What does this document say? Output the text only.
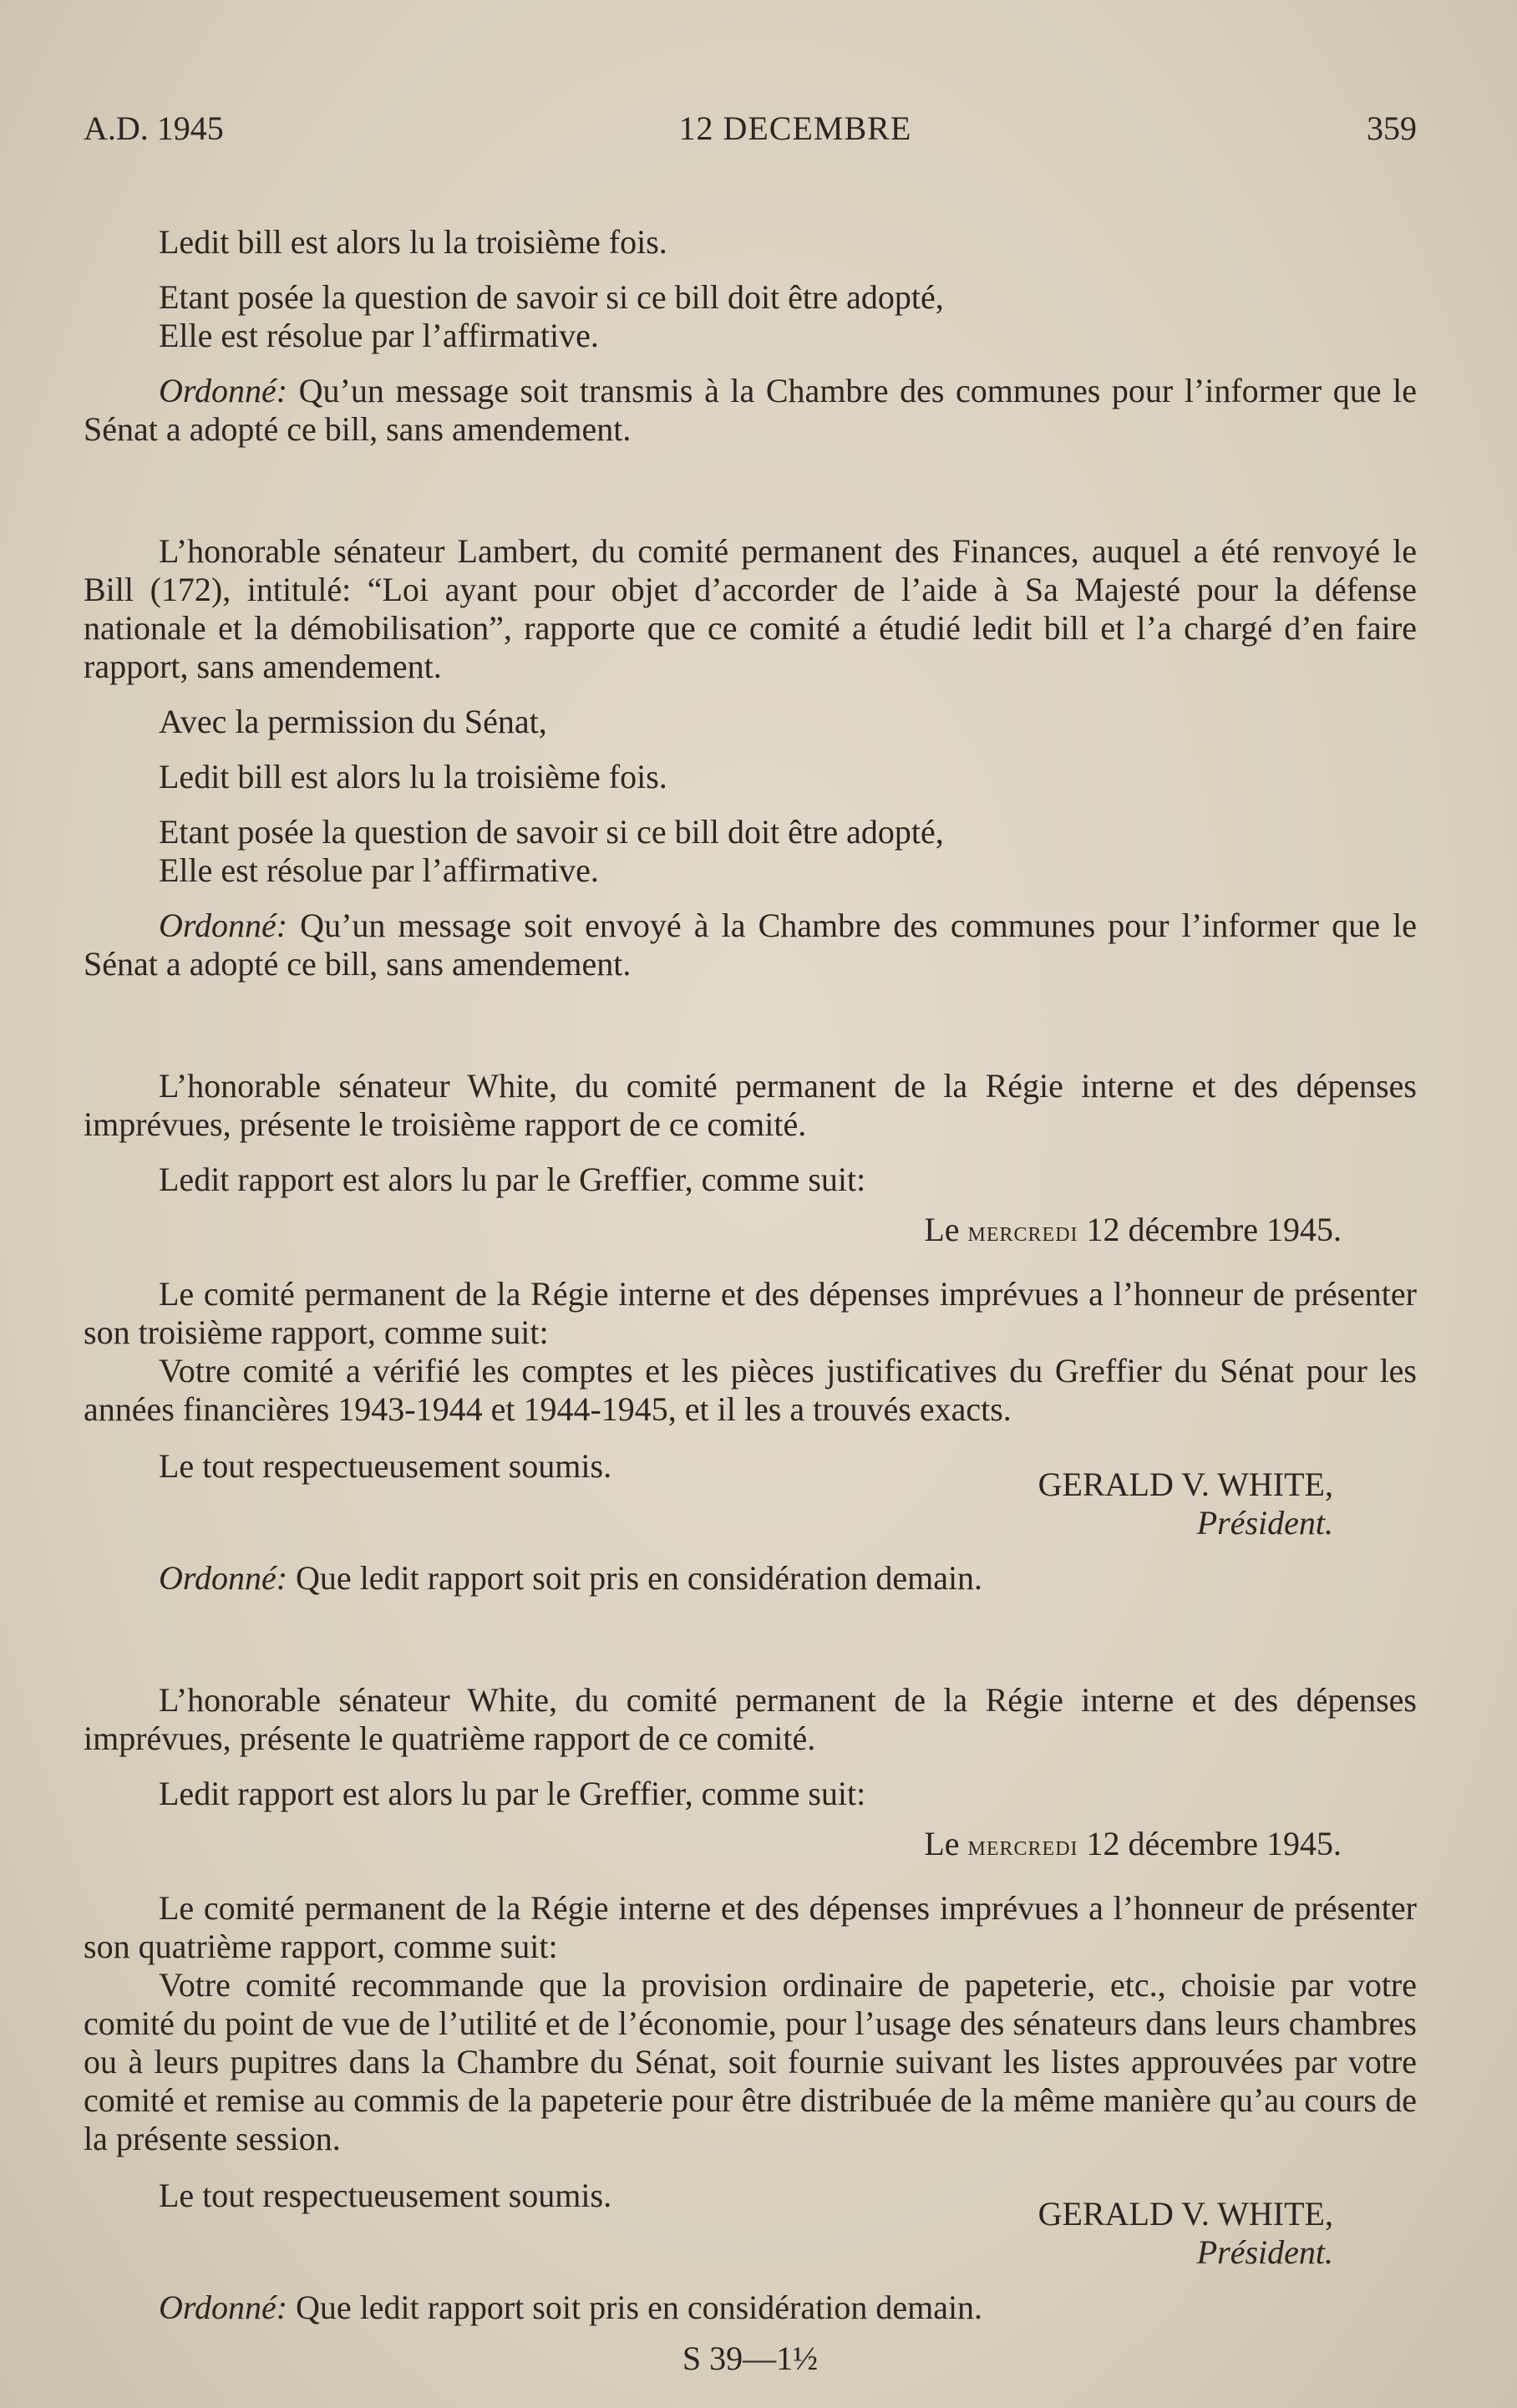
A.D. 1945	12 DECEMBRE	359

Ledit bill est alors lu la troisième fois.

Etant posée la question de savoir si ce bill doit être adopté,

Elle est résolue par l’affirmative.

Ordonné: Qu’un message soit transmis à la Chambre des communes pour l’informer que le Sénat a adopté ce bill, sans amendement.

L’honorable sénateur Lambert, du comité permanent des Finances, auquel a été renvoyé le Bill (172), intitulé: “Loi ayant pour objet d’accorder de l’aide à Sa Majesté pour la défense nationale et la démobilisation”, rapporte que ce comité a étudié ledit bill et l’a chargé d’en faire rapport, sans amendement.

Avec la permission du Sénat,

Ledit bill est alors lu la troisième fois.

Etant posée la question de savoir si ce bill doit être adopté,

Elle est résolue par l’affirmative.

Ordonné: Qu’un message soit envoyé à la Chambre des communes pour l’informer que le Sénat a adopté ce bill, sans amendement.

L’honorable sénateur White, du comité permanent de la Régie interne et des dépenses imprévues, présente le troisième rapport de ce comité.

Ledit rapport est alors lu par le Greffier, comme suit:

Le mercredi 12 décembre 1945.

Le comité permanent de la Régie interne et des dépenses imprévues a l’honneur de présenter son troisième rapport, comme suit:

Votre comité a vérifié les comptes et les pièces justificatives du Greffier du Sénat pour les années financières 1943-1944 et 1944-1945, et il les a trouvés exacts.

Le tout respectueusement soumis.	GERALD V. WHITE,
Président.

Ordonné: Que ledit rapport soit pris en considération demain.

L’honorable sénateur White, du comité permanent de la Régie interne et des dépenses imprévues, présente le quatrième rapport de ce comité.

Ledit rapport est alors lu par le Greffier, comme suit:

Le mercredi 12 décembre 1945.

Le comité permanent de la Régie interne et des dépenses imprévues a l’honneur de présenter son quatrième rapport, comme suit:

Votre comité recommande que la provision ordinaire de papeterie, etc., choisie par votre comité du point de vue de l’utilité et de l’économie, pour l’usage des sénateurs dans leurs chambres ou à leurs pupitres dans la Chambre du Sénat, soit fournie suivant les listes approuvées par votre comité et remise au commis de la papeterie pour être distribuée de la même manière qu’au cours de la présente session.

Le tout respectueusement soumis.	GERALD V. WHITE,
Président.

Ordonné: Que ledit rapport soit pris en considération demain.

S 39—1½
